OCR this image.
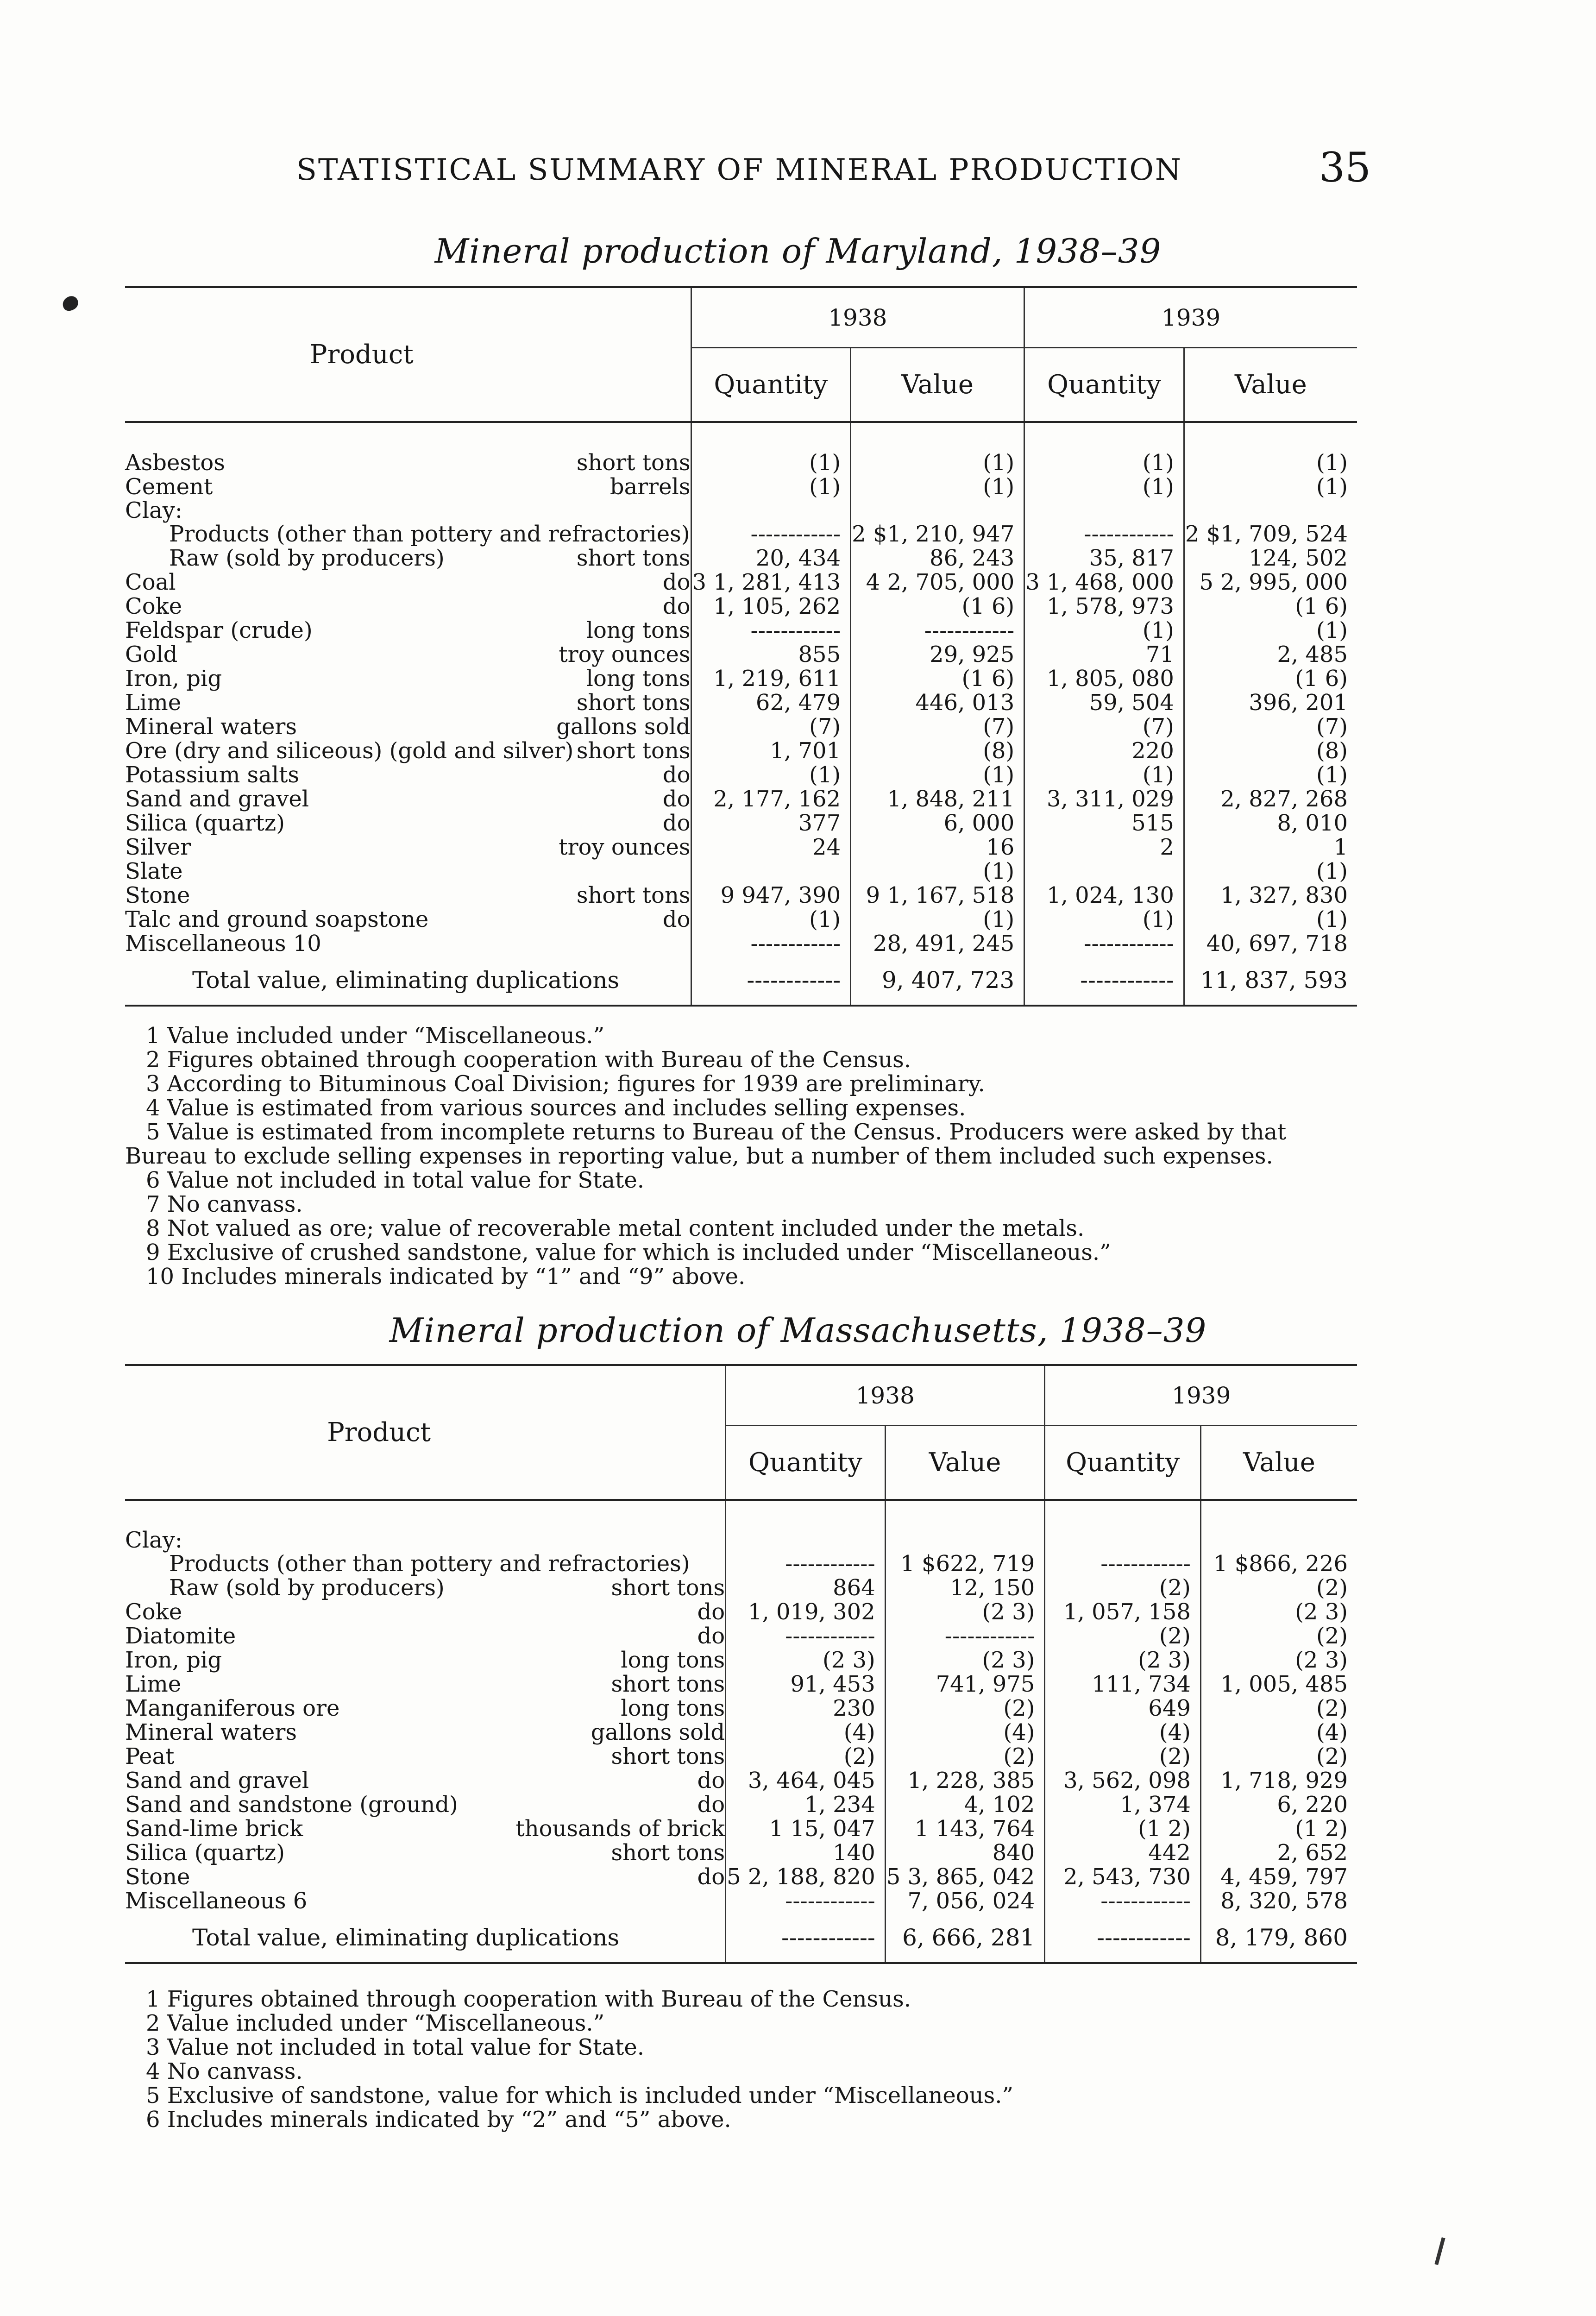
STATISTICAL SUMMARY OF MINERAL PRODUCTION	35
Mineral production of Maryland, 1938–39
Product	1938		1939	
	Quantity	Value	Quantity	Value

Asbestos short tons	(1)	(1)	(1)	(1)
Cement barrels	(1)	(1)	(1)	(1)
Clay:				
Products (other than pottery and refractories)	------------	2 $1, 210, 947	------------	2 $1, 709, 524
Raw (sold by producers) short tons	20, 434	86, 243	35, 817	124, 502
Coal do	3 1, 281, 413	4 2, 705, 000	3 1, 468, 000	5 2, 995, 000
Coke do	1, 105, 262	(1 6)	1, 578, 973	(1 6)
Feldspar (crude) long tons	------------	------------	(1)	(1)
Gold troy ounces	855	29, 925	71	2, 485
Iron, pig long tons	1, 219, 611	(1 6)	1, 805, 080	(1 6)
Lime short tons	62, 479	446, 013	59, 504	396, 201
Mineral waters gallons sold	(7)	(7)	(7)	(7)
Ore (dry and siliceous) (gold and silver) short tons	1, 701	(8)	220	(8)
Potassium salts do	(1)	(1)	(1)	(1)
Sand and gravel do	2, 177, 162	1, 848, 211	3, 311, 029	2, 827, 268
Silica (quartz) do	377	6, 000	515	8, 010
Silver troy ounces	24	16	2	1
Slate		(1)		(1)
Stone short tons	9 947, 390	9 1, 167, 518	1, 024, 130	1, 327, 830
Talc and ground soapstone do	(1)	(1)	(1)	(1)
Miscellaneous 10	------------	28, 491, 245	------------	40, 697, 718
Total value, eliminating duplications	------------	9, 407, 723	------------	11, 837, 593

1 Value included under “Miscellaneous.”

2 Figures obtained through cooperation with Bureau of the Census.

3 According to Bituminous Coal Division; figures for 1939 are preliminary.

4 Value is estimated from various sources and includes selling expenses.

5 Value is estimated from incomplete returns to Bureau of the Census. Producers were asked by that

Bureau to exclude selling expenses in reporting value, but a number of them included such expenses.

6 Value not included in total value for State.

7 No canvass.

8 Not valued as ore; value of recoverable metal content included under the metals.

9 Exclusive of crushed sandstone, value for which is included under “Miscellaneous.”

10 Includes minerals indicated by “1” and “9” above.

Mineral production of Massachusetts, 1938–39
Product	1938		1939	
	Quantity	Value	Quantity	Value

Clay:				
Products (other than pottery and refractories)	------------	1 $622, 719	------------	1 $866, 226
Raw (sold by producers) short tons	864	12, 150	(2)	(2)
Coke do	1, 019, 302	(2 3)	1, 057, 158	(2 3)
Diatomite do	------------	------------	(2)	(2)
Iron, pig long tons	(2 3)	(2 3)	(2 3)	(2 3)
Lime short tons	91, 453	741, 975	111, 734	1, 005, 485
Manganiferous ore long tons	230	(2)	649	(2)
Mineral waters gallons sold	(4)	(4)	(4)	(4)
Peat short tons	(2)	(2)	(2)	(2)
Sand and gravel do	3, 464, 045	1, 228, 385	3, 562, 098	1, 718, 929
Sand and sandstone (ground) do	1, 234	4, 102	1, 374	6, 220
Sand-lime brick thousands of brick	1 15, 047	1 143, 764	(1 2)	(1 2)
Silica (quartz) short tons	140	840	442	2, 652
Stone do	5 2, 188, 820	5 3, 865, 042	2, 543, 730	4, 459, 797
Miscellaneous 6	------------	7, 056, 024	------------	8, 320, 578
Total value, eliminating duplications	------------	6, 666, 281	------------	8, 179, 860

1 Figures obtained through cooperation with Bureau of the Census.

2 Value included under “Miscellaneous.”

3 Value not included in total value for State.

4 No canvass.

5 Exclusive of sandstone, value for which is included under “Miscellaneous.”

6 Includes minerals indicated by “2” and “5” above.
